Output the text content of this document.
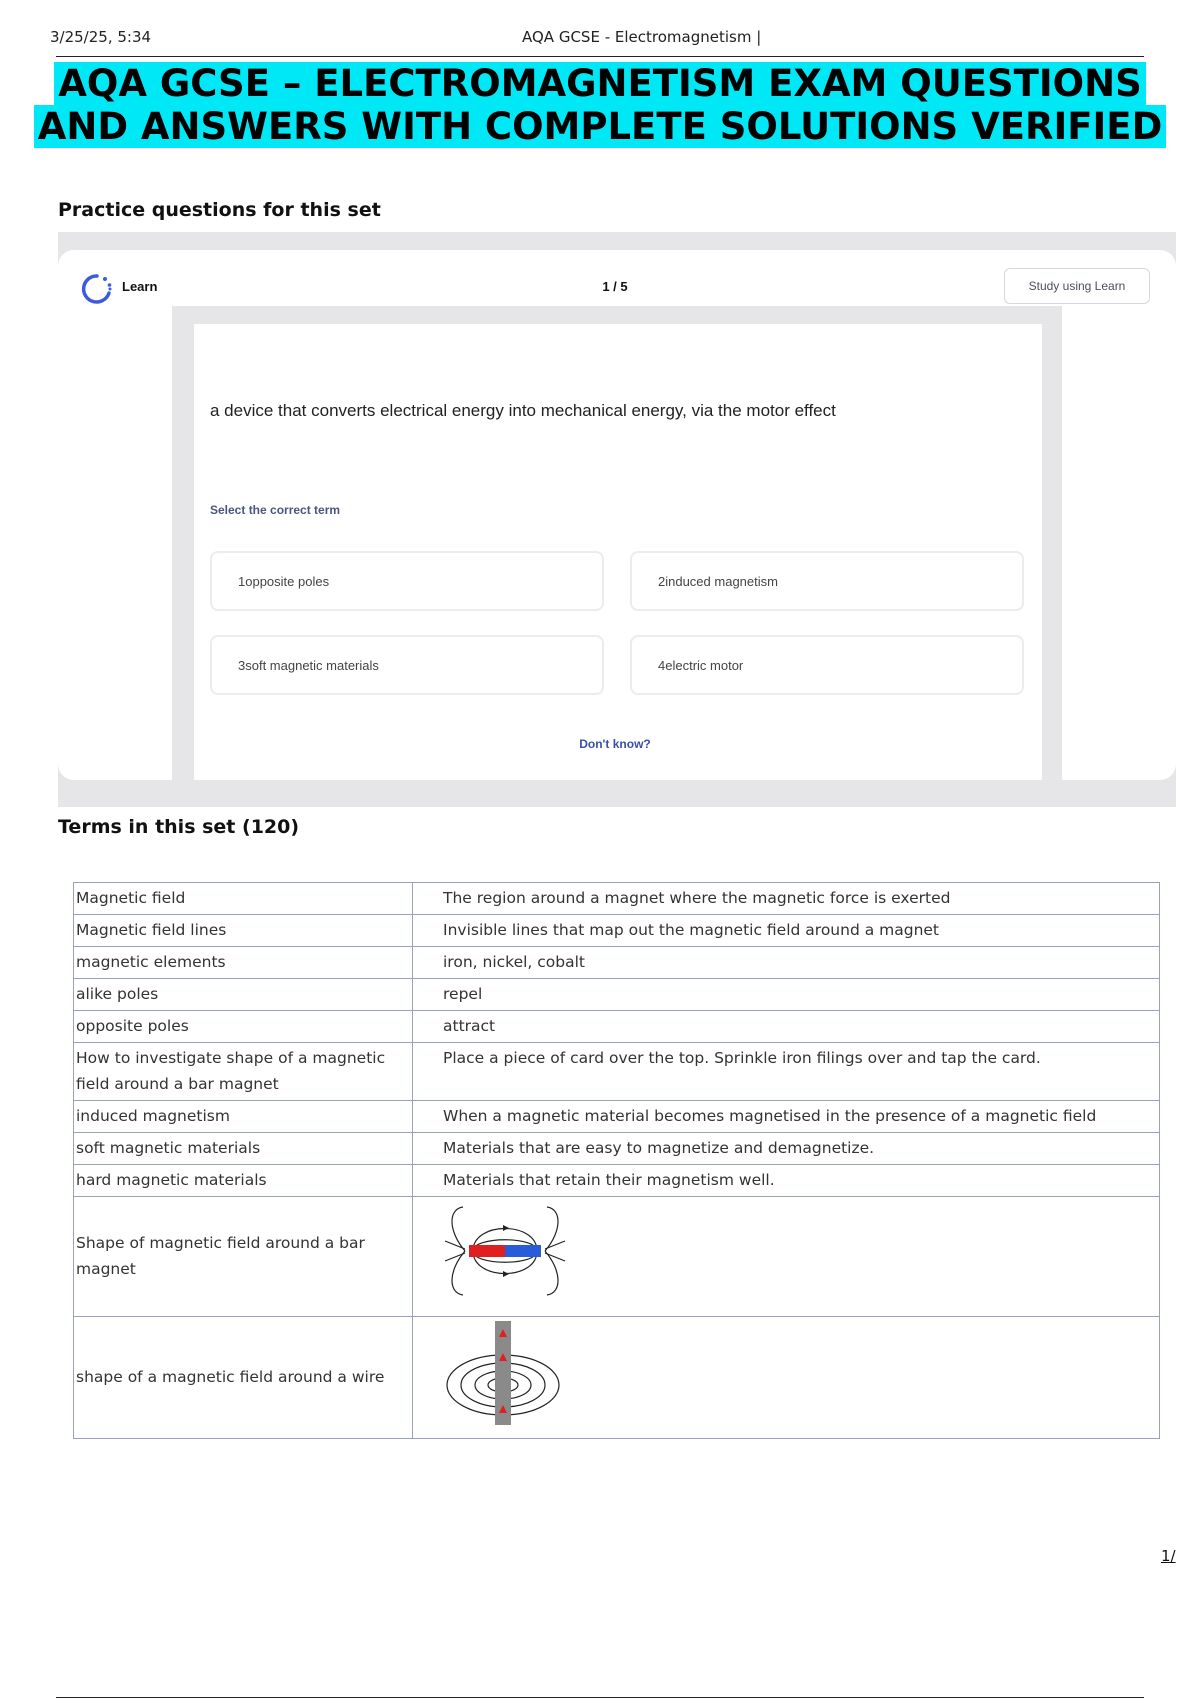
3/25/25, 5:34	AQA GCSE - Electromagnetism |
AQA GCSE – ELECTROMAGNETISM EXAM QUESTIONS
AND ANSWERS WITH COMPLETE SOLUTIONS VERIFIED
Practice questions for this set
Learn	1 / 5	Study using Learn
a device that converts electrical energy into mechanical energy, via the motor effect
Select the correct term
1opposite poles	2induced magnetism
3soft magnetic materials	4electric motor
Don't know?
Terms in this set (120)
Magnetic field	The region around a magnet where the magnetic force is exerted
Magnetic field lines	Invisible lines that map out the magnetic field around a magnet
magnetic elements	iron, nickel, cobalt
alike poles	repel
opposite poles	attract
How to investigate shape of a magnetic field around a bar magnet	Place a piece of card over the top. Sprinkle iron filings over and tap the card.
induced magnetism	When a magnetic material becomes magnetised in the presence of a magnetic field
soft magnetic materials	Materials that are easy to magnetize and demagnetize.
hard magnetic materials	Materials that retain their magnetism well.
Shape of magnetic field around a bar magnet	
shape of a magnetic field around a wire	
1/
